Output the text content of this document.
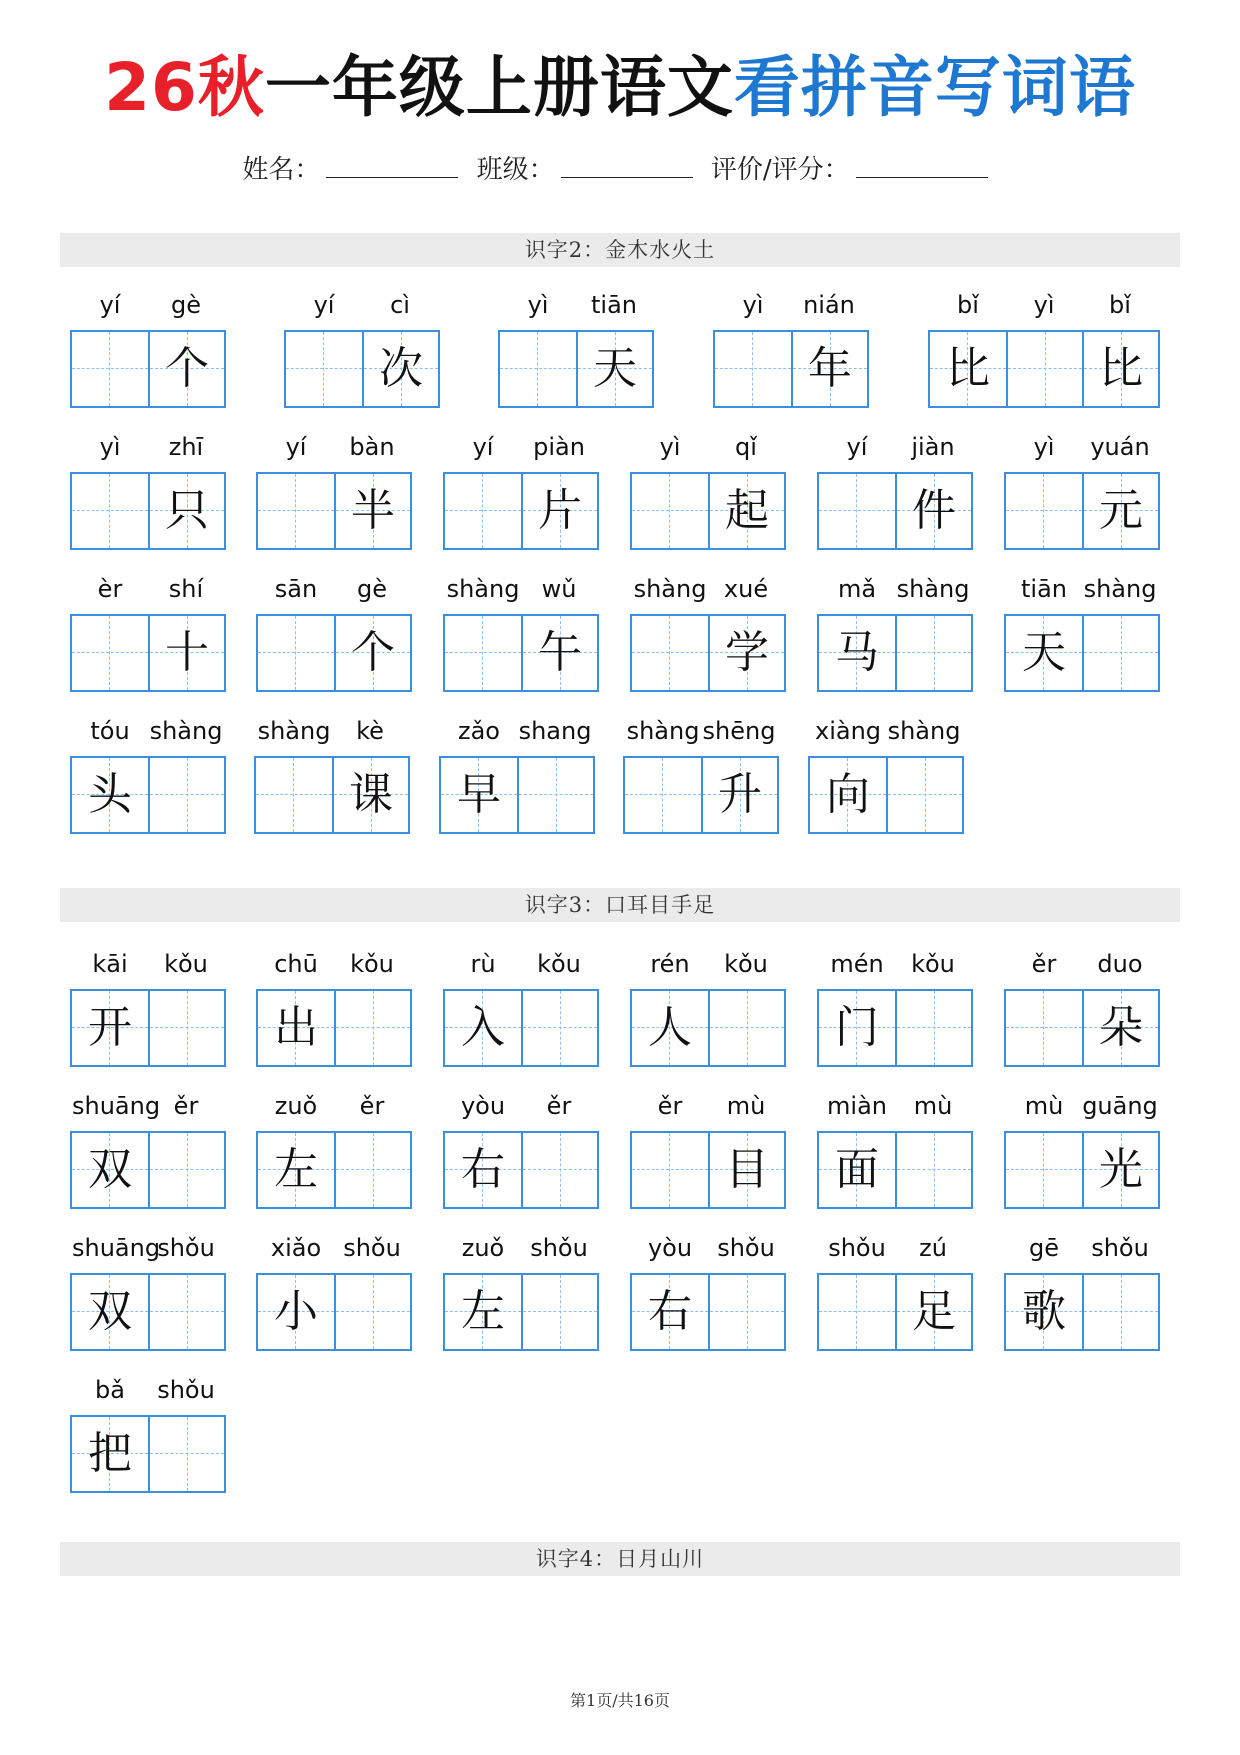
26秋一年级上册语文看拼音写词语
姓名：	班级：	评价/评分：
识字2：金木水火土
yí	gè
个
yí	cì
次
yì	tiān
天
yì	nián
年
bǐ	yì	bǐ
比	比
yì	zhī
只
yí	bàn
半
yí	piàn
片
yì	qǐ
起
yí	jiàn
件
yì	yuán
元
èr	shí
十
sān	gè
个
shàng wǔ
午
shàng xué
学
mǎ shàng
马
tiān shàng
天
tóu shàng
头
shàng	kè
课
zǎo shang
早
shàng shēng
升
xiàng shàng
向
识字3：口耳目手足
kāi	kǒu
开
chū	kǒu
出
rù	kǒu
入
rén	kǒu
人
mén	kǒu
门
ěr	duo
朵
shuāng ěr
双
zuǒ	ěr
左
yòu	ěr
右
ěr	mù
目
miàn	mù
面
mù guāng
光
shuāng
shǒu
双
xiǎo shǒu
小
zuǒ	shǒu
左
yòu	shǒu
右
shǒu	zú
足
gē	shǒu
歌
bǎ	shǒu
把
识字4：日月山川
第1页/共16页
